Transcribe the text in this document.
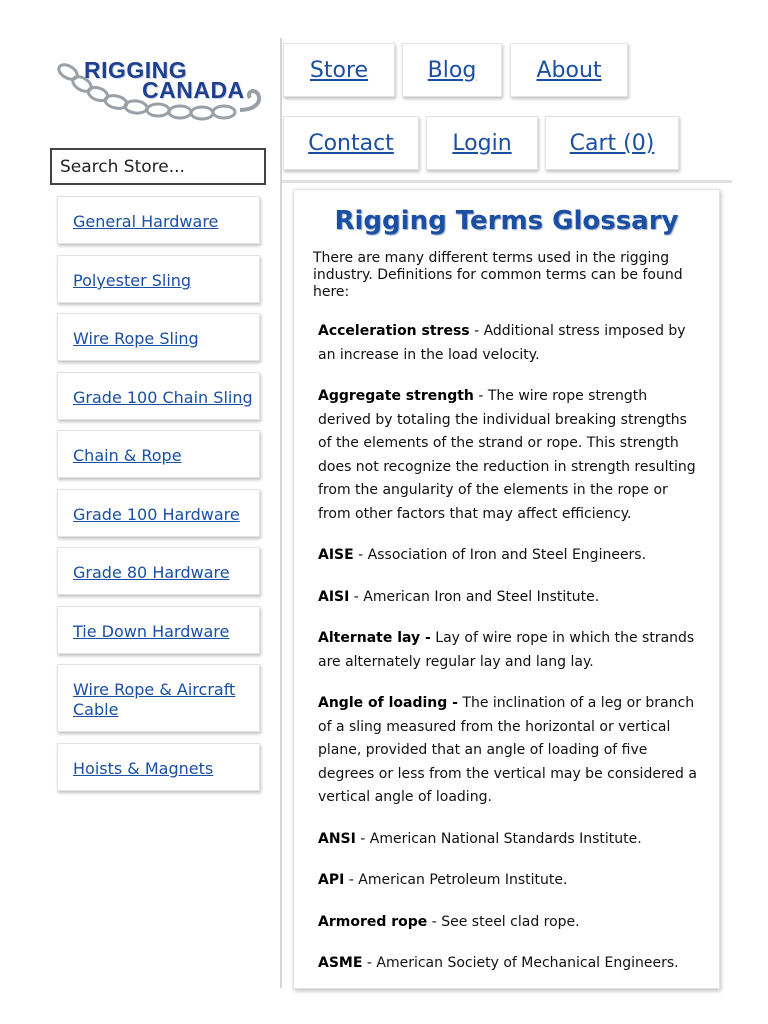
RIGGING
CANADA
Search Store...
General Hardware
Polyester Sling
Wire Rope Sling
Grade 100 Chain Sling
Chain & Rope
Grade 100 Hardware
Grade 80 Hardware
Tie Down Hardware
Wire Rope & Aircraft Cable
Hoists & Magnets
Store	Blog	About
Contact	Login	Cart (0)
Rigging Terms Glossary

There are many different terms used in the rigging industry. Definitions for common terms can be found here:

Acceleration stress - Additional stress imposed by an increase in the load velocity.

Aggregate strength - The wire rope strength derived by totaling the individual breaking strengths of the elements of the strand or rope. This strength does not recognize the reduction in strength resulting from the angularity of the elements in the rope or from other factors that may affect efficiency.

AISE - Association of Iron and Steel Engineers.

AISI - American Iron and Steel Institute.

Alternate lay - Lay of wire rope in which the strands are alternately regular lay and lang lay.

Angle of loading - The inclination of a leg or branch of a sling measured from the horizontal or vertical plane, provided that an angle of loading of five degrees or less from the vertical may be considered a vertical angle of loading.

ANSI - American National Standards Institute.

API - American Petroleum Institute.

Armored rope - See steel clad rope.

ASME - American Society of Mechanical Engineers.
